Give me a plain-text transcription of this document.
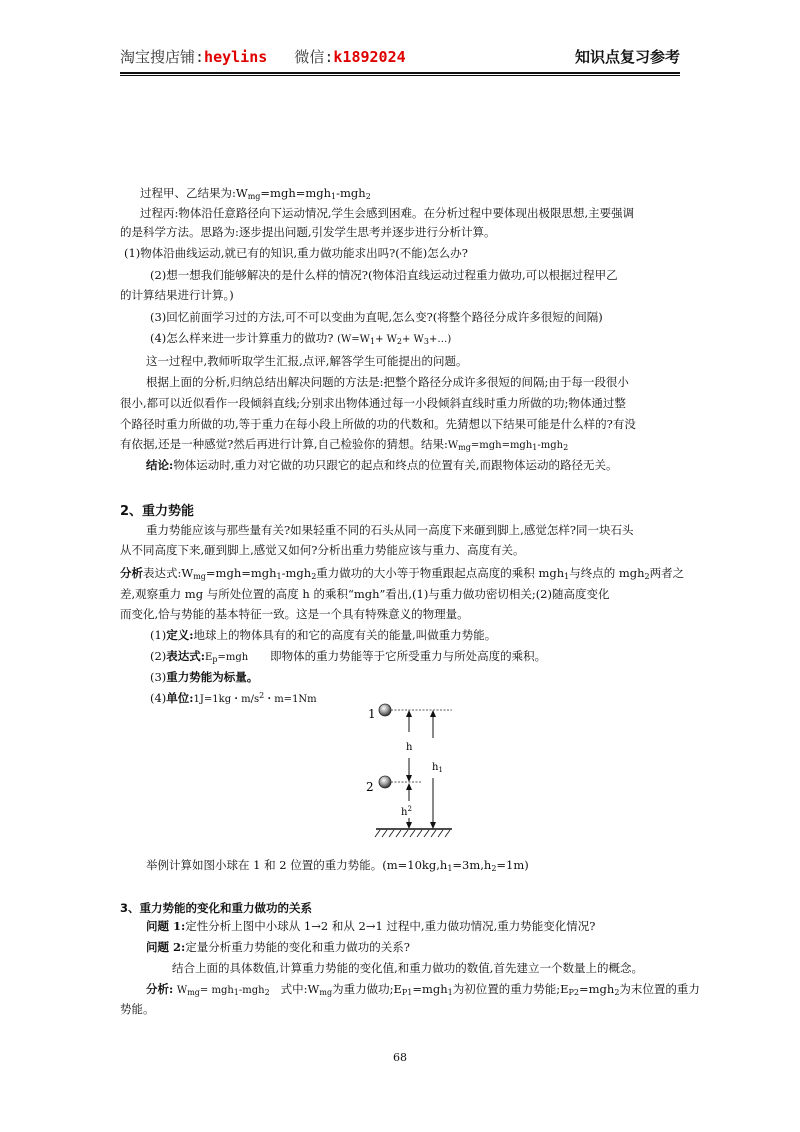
淘宝搜店铺:heylins 微信:k1892024	知识点复习参考
过程甲、乙结果为$:W_{mg}=mgh=mgh_1-mgh_2$
过程丙:物体沿任意路径向下运动情况,学生会感到困难。在分析过程中要体现出极限思想,主要强调
的是科学方法。思路为:逐步提出问题,引发学生思考并逐步进行分析计算。
(1)物体沿曲线运动,就已有的知识,重力做功能求出吗?(不能)怎么办?
(2)想一想我们能够解决的是什么样的情况?(物体沿直线运动过程重力做功,可以根据过程甲乙
的计算结果进行计算。)
(3)回忆前面学习过的方法,可不可以变曲为直呢,怎么变?(将整个路径分成许多很短的间隔)
(4)怎么样来进一步计算重力的做功? ($W=W_1+ W_2+$ $W_3+\dots$)
这一过程中,教师听取学生汇报,点评,解答学生可能提出的问题。
根据上面的分析,归纳总结出解决问题的方法是:把整个路径分成许多很短的间隔;由于每一段很小
很小,都可以近似看作一段倾斜直线;分别求出物体通过每一小段倾斜直线时重力所做的功;物体通过整
个路径时重力所做的功,等于重力在每小段上所做的功的代数和。先猜想以下结果可能是什么样的?有没
有依据,还是一种感觉?然后再进行计算,自己检验你的猜想。结果$:W_{mg}=mgh=mgh_1-mgh_2$
结论:物体运动时,重力对它做的功只跟它的起点和终点的位置有关,而跟物体运动的路径无关。
2、重力势能
重力势能应该与那些量有关?如果轻重不同的石头从同一高度下来砸到脚上,感觉怎样?同一块石头
从不同高度下来,砸到脚上,感觉又如何?分析出重力势能应该与重力、高度有关。
分析表达式$:W_{mg}=mgh=mgh_1-mgh_2$重力做功的大小等于物重跟起点高度的乘积 mgh$_1$与终点的 mgh$_2$两者之
差,观察重力 mg 与所处位置的高度 h 的乘积“mgh”看出,(1)与重力做功密切相关;(2)随高度变化
而变化,恰与势能的基本特征一致。这是一个具有特殊意义的物理量。
(1)定义:地球上的物体具有的和它的高度有关的能量,叫做重力势能。
(2)表达式$:E_p=mgh$ 即物体的重力势能等于它所受重力与所处高度的乘积。
(3)重力势能为标量。
(4)单位:1J=1kg・$m/s^2$・m=1Nm
1
2
h
$h_1$
$h^2$
举例计算如图小球在 1 和 2 位置的重力势能。$(m=10kg,h_1=3m,h_2=1m)$
3、重力势能的变化和重力做功的关系
问题 1:定性分析上图中小球从 1→2 和从 2→1 过程中,重力做功情况,重力势能变化情况?
问题 2:定量分析重力势能的变化和重力做功的关系?
结合上面的具体数值,计算重力势能的变化值,和重力做功的数值,首先建立一个数量上的概念。
分析: $W_{mg}= mgh_1-mgh_2$ 式中$:W_{mg}$为重力做功$;E_{P1}=mgh_1$为初位置的重力势能$;E_{P2}=mgh_2$为末位置的重力
势能。
68
